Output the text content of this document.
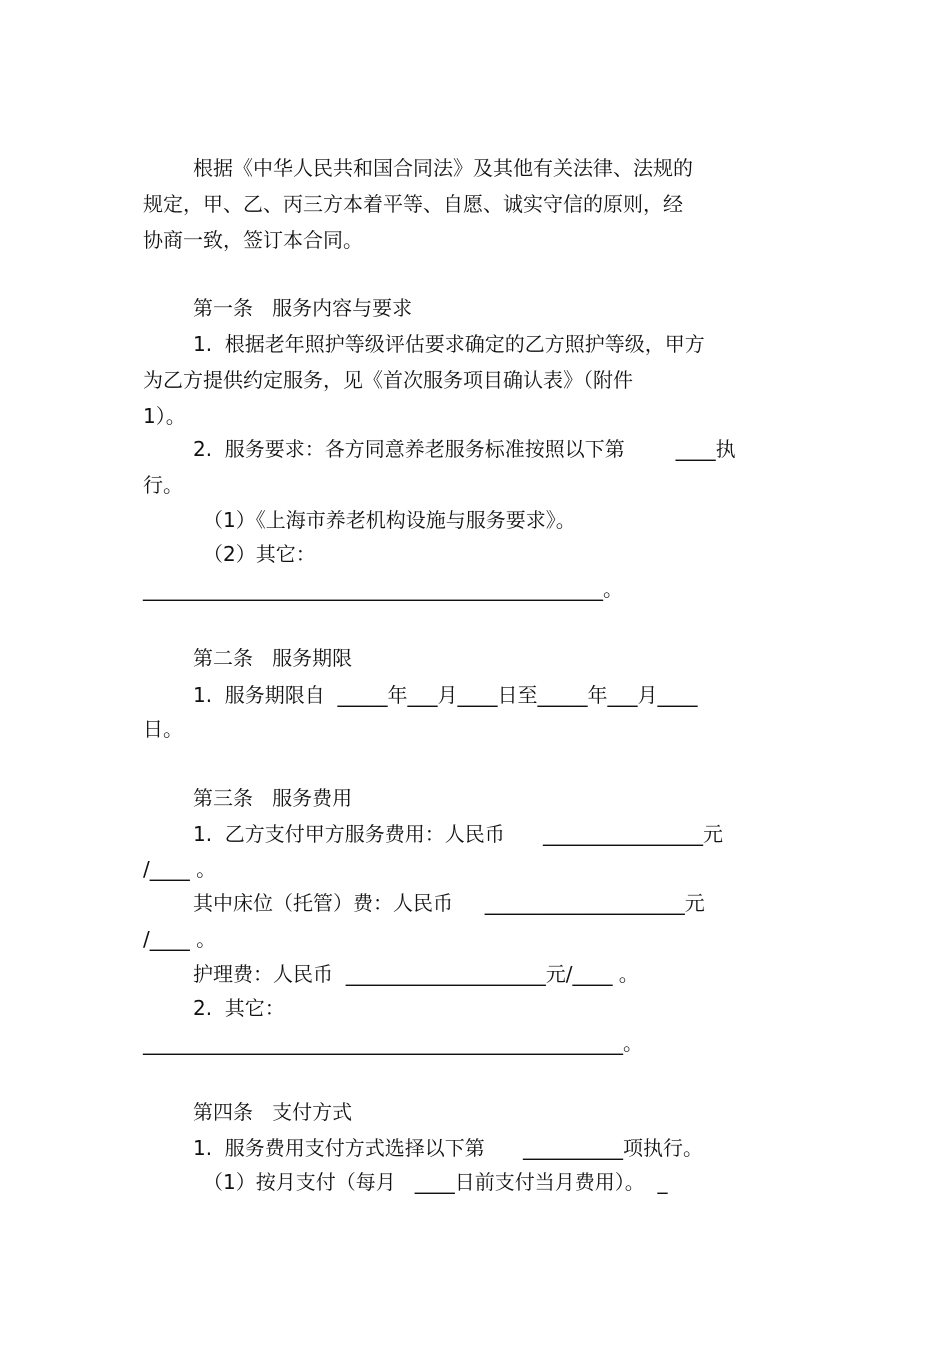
根据《中华人民共和国合同法》及其他有关法律、法规的

规定，甲、乙、丙三方本着平等、自愿、诚实守信的原则，经

协商一致，签订本合同。

第一条   服务内容与要求

1.  根据老年照护等级评估要求确定的乙方照护等级，甲方

为乙方提供约定服务，见《首次服务项目确认表》（附件

1）。

2.  服务要求：各方同意养老服务标准按照以下第        ____执

行。

（1）《上海市养老机构设施与服务要求》。

（2）其它：

______________________________________________。

第二条   服务期限

1.  服务期限自  _____年___月____日至_____年___月____

日。

第三条   服务费用

1.  乙方支付甲方服务费用：人民币      ________________元

/____ 。

其中床位（托管）费：人民币     ____________________元

/____ 。

护理费：人民币  ____________________元/____ 。

2.  其它：

________________________________________________。

第四条   支付方式

1.  服务费用支付方式选择以下第      __________项执行。

（1）按月支付（每月   ____日前支付当月费用）。  _
